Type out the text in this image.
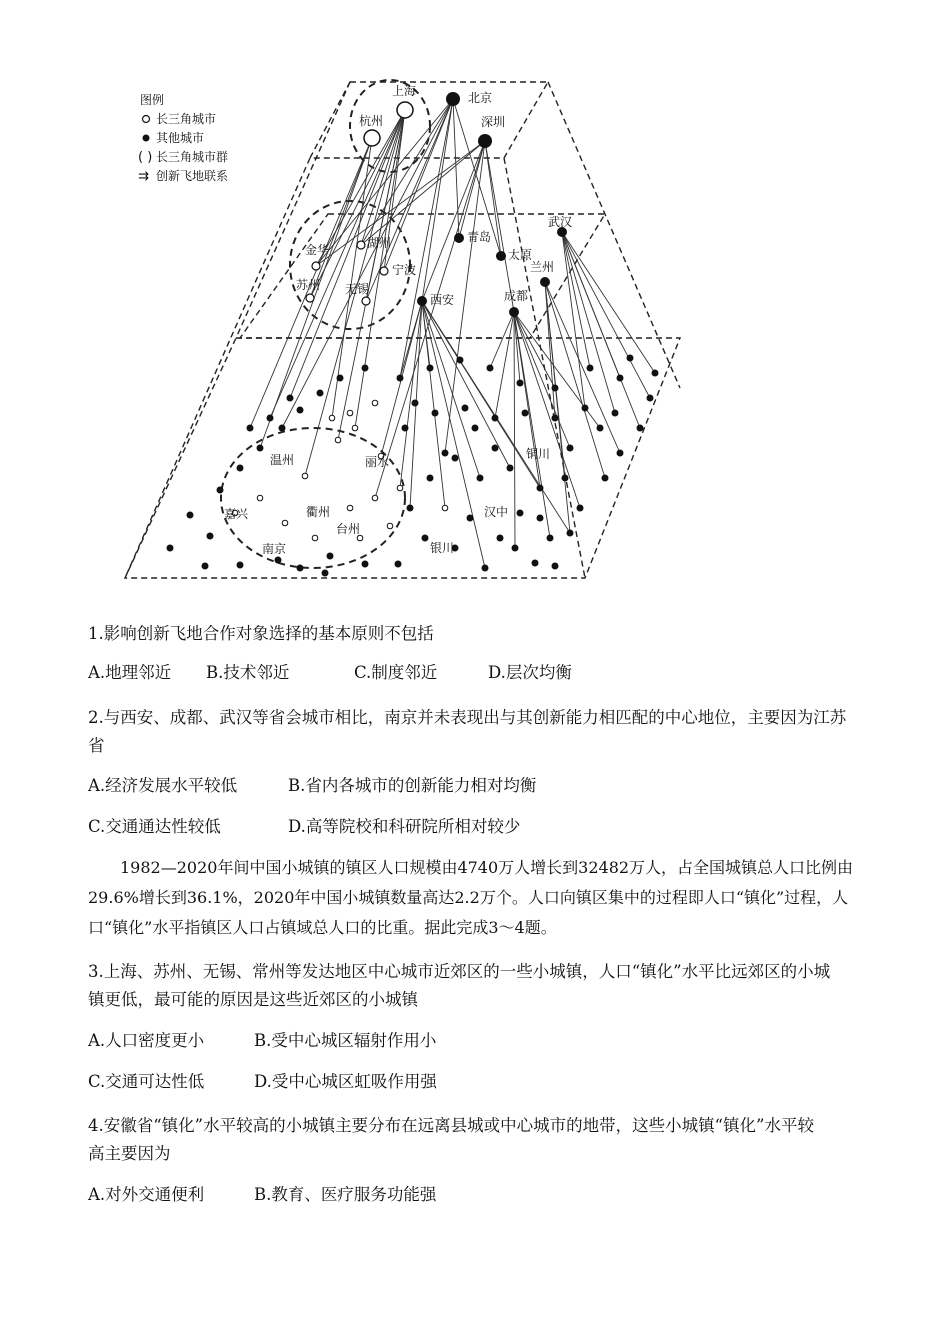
图例
长三角城市
其他城市
( ) 长三角城市群
⇉ 创新飞地联系
上海
杭州
北京
深圳
金华	湖州
苏州
宁波
无锡
青岛
太原
西安	成都
兰州
武汉
温州	丽水
嘉兴	衢州
台州
南京
汉中
铜川
银川
1.影响创新飞地合作对象选择的基本原则不包括
A.地理邻近 B.技术邻近	C.制度邻近	D.层次均衡
2.与西安、成都、武汉等省会城市相比，南京并未表现出与其创新能力相匹配的中心地位，主要因为江苏
省
A.经济发展水平较低	B.省内各城市的创新能力相对均衡
C.交通通达性较低	D.高等院校和科研院所相对较少
1982—2020年间中国小城镇的镇区人口规模由4740万人增长到32482万人，占全国城镇总人口比例由29.6%增长到36.1%，2020年中国小城镇数量高达2.2万个。人口向镇区集中的过程即人口“镇化”过程，人口“镇化”水平指镇区人口占镇域总人口的比重。据此完成3～4题。
3.上海、苏州、无锡、常州等发达地区中心城市近郊区的一些小城镇，人口“镇化”水平比远郊区的小城
镇更低，最可能的原因是这些近郊区的小城镇
A.人口密度更小	B.受中心城区辐射作用小
C.交通可达性低	D.受中心城区虹吸作用强
4.安徽省“镇化”水平较高的小城镇主要分布在远离县城或中心城市的地带，这些小城镇“镇化”水平较
高主要因为
A.对外交通便利	B.教育、医疗服务功能强
